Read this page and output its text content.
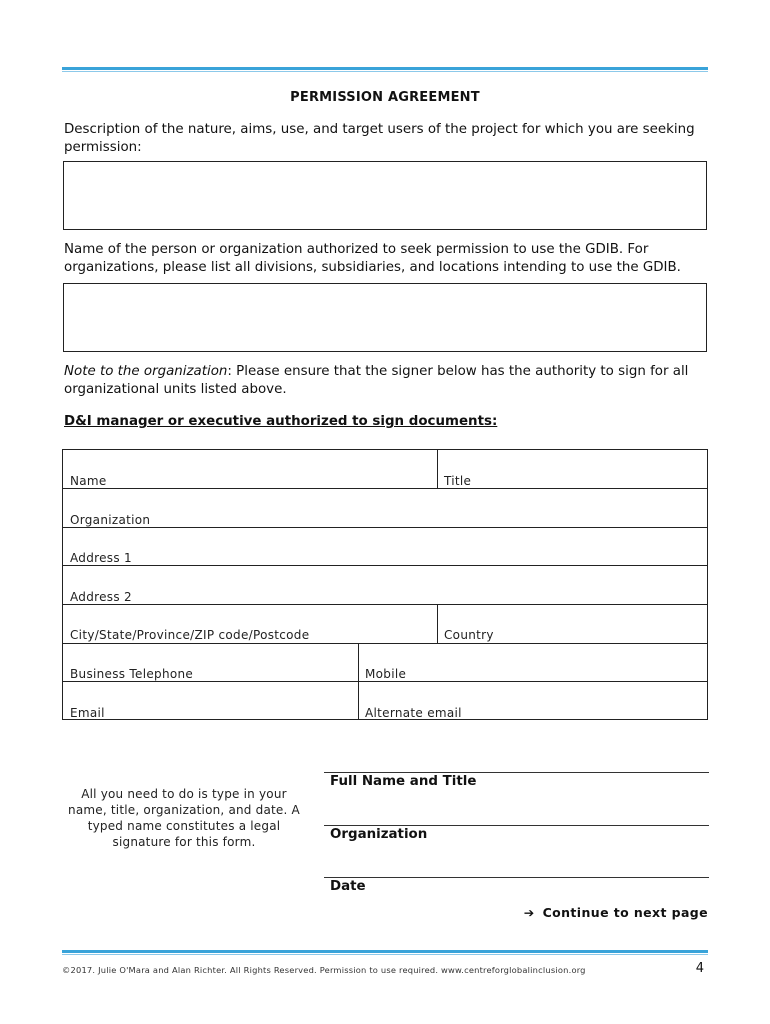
PERMISSION AGREEMENT
Description of the nature, aims, use, and target users of the project for which you are seeking permission:
Name of the person or organization authorized to seek permission to use the GDIB. For organizations, please list all divisions, subsidiaries, and locations intending to use the GDIB.
Note to the organization: Please ensure that the signer below has the authority to sign for all organizational units listed above.
D&I manager or executive authorized to sign documents:
Name	Title
Organization
Address 1
Address 2
City/State/Province/ZIP code/Postcode	Country
Business Telephone	Mobile
Email	Alternate email
All you need to do is type in your name, title, organization, and date. A typed name constitutes a legal signature for this form.
Full Name and Title
Organization
Date
➔ Continue to next page
©2017. Julie O'Mara and Alan Richter. All Rights Reserved. Permission to use required. www.centreforglobalinclusion.org	4
